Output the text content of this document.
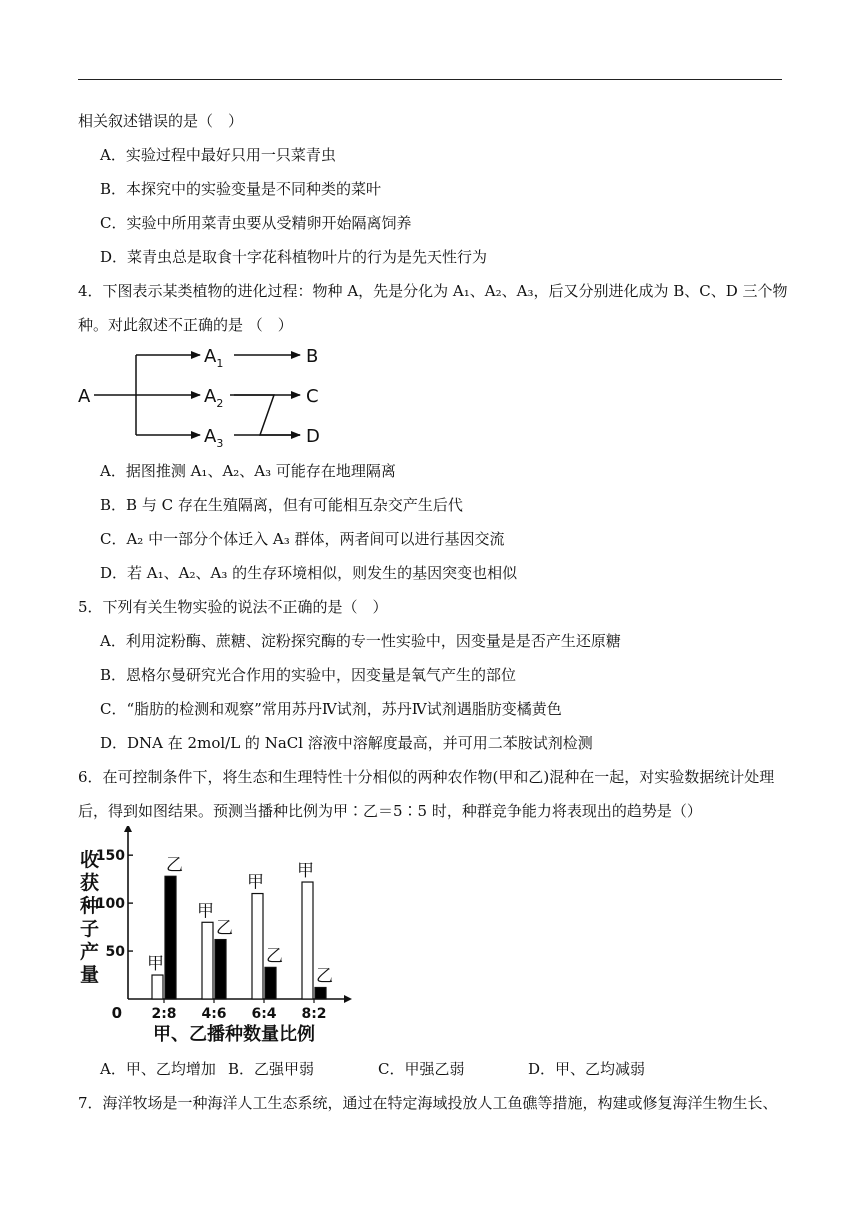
相关叙述错误的是（　）
A．实验过程中最好只用一只菜青虫
B．本探究中的实验变量是不同种类的菜叶
C．实验中所用菜青虫要从受精卵开始隔离饲养
D．菜青虫总是取食十字花科植物叶片的行为是先天性行为
4．下图表示某类植物的进化过程：物种 A，先是分化为 A₁、A₂、A₃，后又分别进化成为 B、C、D 三个物
种。对此叙述不正确的是 （　）
A
$A_1$
$A_2$
$A_3$
B
C
D
A．据图推测 A₁、A₂、A₃ 可能存在地理隔离
B．B 与 C 存在生殖隔离，但有可能相互杂交产生后代
C．A₂ 中一部分个体迁入 A₃ 群体，两者间可以进行基因交流
D．若 A₁、A₂、A₃ 的生存环境相似，则发生的基因突变也相似
5．下列有关生物实验的说法不正确的是（　）
A．利用淀粉酶、蔗糖、淀粉探究酶的专一性实验中，因变量是是否产生还原糖
B．恩格尔曼研究光合作用的实验中，因变量是氧气产生的部位
C．“脂肪的检测和观察”常用苏丹Ⅳ试剂，苏丹Ⅳ试剂遇脂肪变橘黄色
D．DNA 在 2mol/L 的 NaCl 溶液中溶解度最高，并可用二苯胺试剂检测
6．在可控制条件下，将生态和生理特性十分相似的两种农作物(甲和乙)混种在一起，对实验数据统计处理
后，得到如图结果。预测当播种比例为甲∶乙＝5∶5 时，种群竞争能力将表现出的趋势是（）
0
50
100
150
收
获
种
子
产
量
2:8
甲
乙
4:6
甲
乙
6:4
甲
乙
8:2
甲
乙
甲、乙播种数量比例
A．甲、乙均增加 B．乙强甲弱	C．甲强乙弱	D．甲、乙均减弱
7．海洋牧场是一种海洋人工生态系统，通过在特定海域投放人工鱼礁等措施，构建或修复海洋生物生长、
